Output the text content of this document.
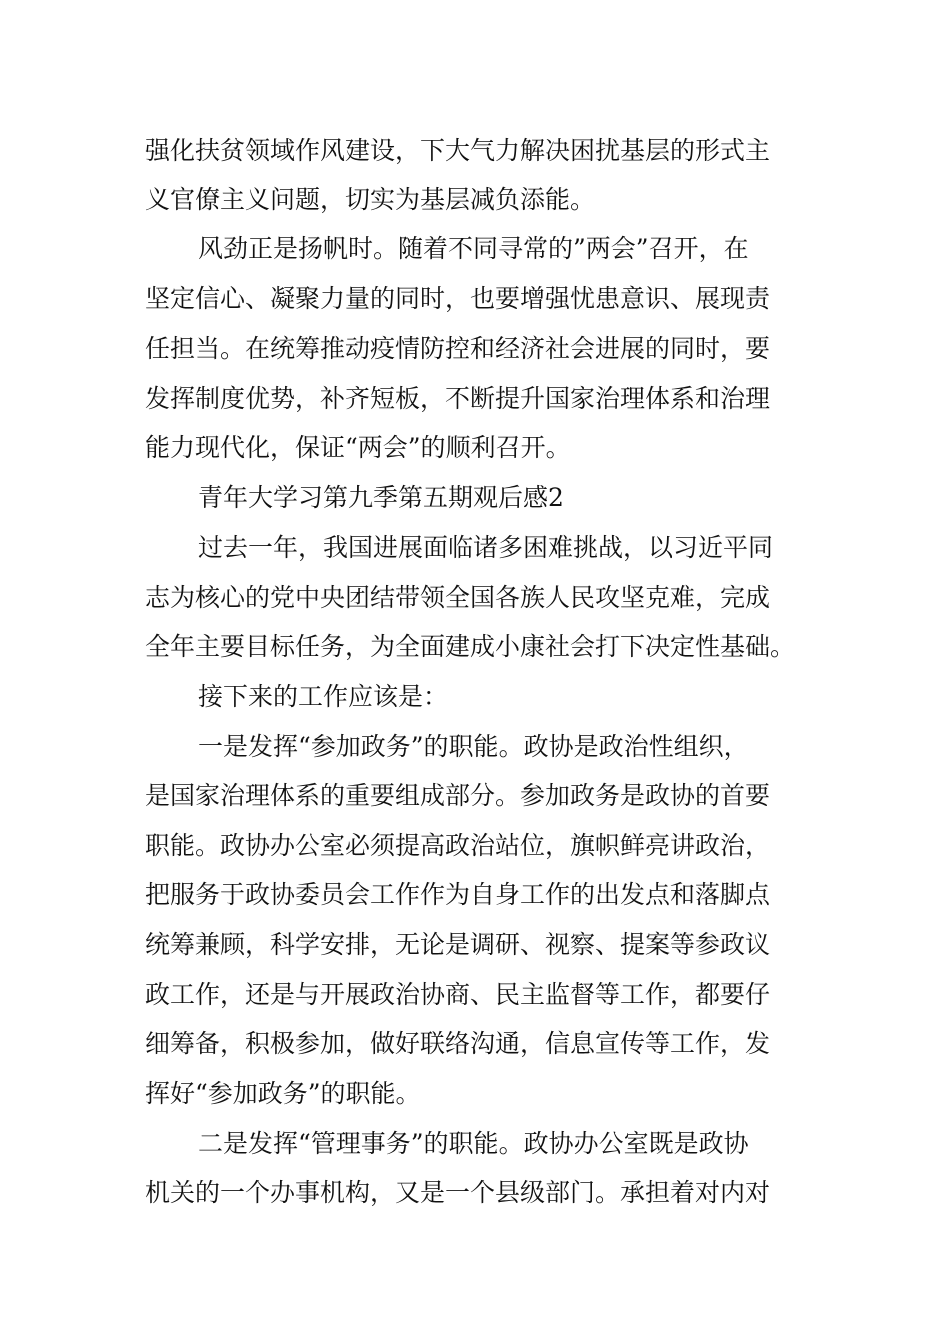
强化扶贫领域作风建设，下大气力解决困扰基层的形式主
义官僚主义问题，切实为基层减负添能。
风劲正是扬帆时。随着不同寻常的”两会”召开，在
坚定信心、凝聚力量的同时，也要增强忧患意识、展现责
任担当。在统筹推动疫情防控和经济社会进展的同时，要
发挥制度优势，补齐短板，不断提升国家治理体系和治理
能力现代化，保证“两会”的顺利召开。
青年大学习第九季第五期观后感2
过去一年，我国进展面临诸多困难挑战，以习近平同
志为核心的党中央团结带领全国各族人民攻坚克难，完成
全年主要目标任务，为全面建成小康社会打下决定性基础。
接下来的工作应该是：
一是发挥“参加政务”的职能。政协是政治性组织，
是国家治理体系的重要组成部分。参加政务是政协的首要
职能。政协办公室必须提高政治站位，旗帜鲜亮讲政治，
把服务于政协委员会工作作为自身工作的出发点和落脚点
统筹兼顾，科学安排，无论是调研、视察、提案等参政议
政工作，还是与开展政治协商、民主监督等工作，都要仔
细筹备，积极参加，做好联络沟通，信息宣传等工作，发
挥好“参加政务”的职能。
二是发挥“管理事务”的职能。政协办公室既是政协
机关的一个办事机构，又是一个县级部门。承担着对内对
